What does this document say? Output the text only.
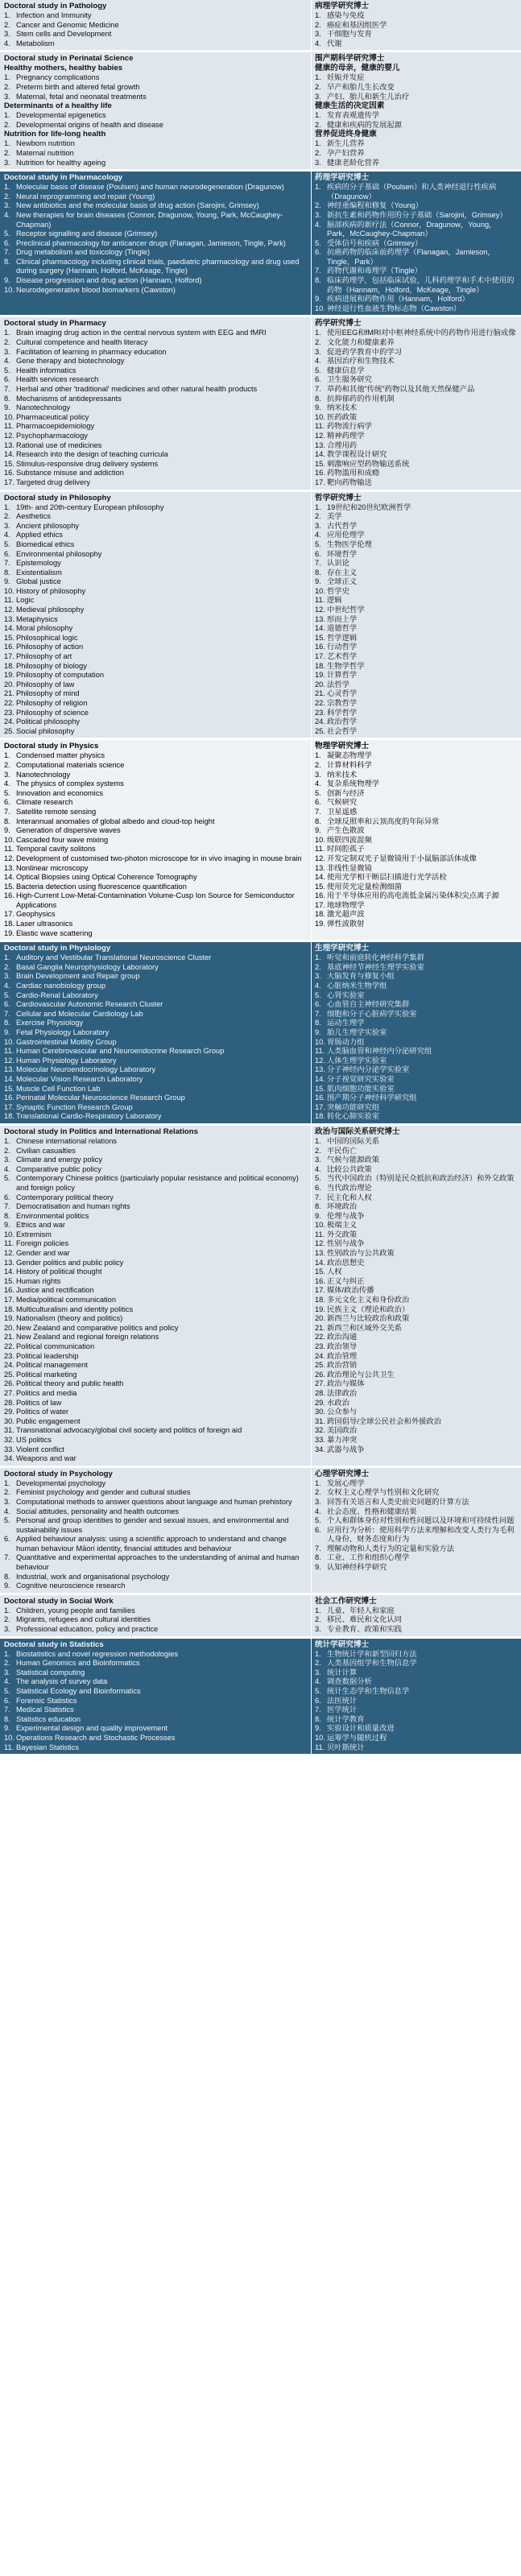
Doctoral study in Pathology
1. Infection and Immunity
2. Cancer and Genomic Medicine
3. Stem cells and Development
4. Metabolism
病理学研究博士
1. 感染与免疫
2. 癌症和基因组医学
3. 干细胞与发育
4. 代谢
Doctoral study in Perinatal Science
Healthy mothers, healthy babies
1. Pregnancy complications
2. Preterm birth and altered fetal growth
3. Maternal, fetal and neonatal treatments
Determinants of a healthy life
1. Developmental epigenetics
2. Developmental origins of health and disease
Nutrition for life-long health
1. Newborn nutrition
2. Maternal nutrition
3. Nutrition for healthy ageing
围产期科学研究博士
健康的母亲，健康的婴儿
1. 妊娠并发症
2. 早产和胎儿生长改变
3. 产妇、胎儿和新生儿治疗
健康生活的决定因素
1. 发育表观遗传学
2. 健康和疾病的发展起源
营养促进终身健康
1. 新生儿营养
2. 孕产妇营养
3. 健康老龄化营养
Doctoral study in Pharmacology
1. Molecular basis of disease (Poulsen) and human neurodegeneration (Dragunow)
2. Neural reprogramming and repair (Young)
3. New antibiotics and the molecular basis of drug action (Sarojini, Grimsey)
4. New therapies for brain diseases (Connor, Dragunow, Young, Park, McCaughey-Chapman)
5. Receptor signalling and disease (Grimsey)
6. Preclinical pharmacology for anticancer drugs (Flanagan, Jamieson, Tingle, Park)
7. Drug metabolism and toxicology (Tingle)
8. Clinical pharmacology including clinical trials, paediatric pharmacology and drug used during surgery (Hannam, Holford, McKeage, Tingle)
9. Disease progression and drug action (Hannam, Holford)
10. Neurodegenerative blood biomarkers (Cawston)
药理学研究博士
1. 疾病的分子基础（Poulsen）和人类神经退行性疾病（Dragunow）
2. 神经重编程和修复（Young）
3. 新抗生素和药物作用的分子基础（Sarojini，Grimsey）
4. 脑部疾病的新疗法（Connor，Dragunow，Young，Park，McCaughey-Chapman）
5. 受体信号和疾病（Grimsey）
6. 抗癌药物的临床前药理学（Flanagan，Jamieson，Tingle，Park）
7. 药物代谢和毒理学（Tingle）
8. 临床药理学，包括临床试验，儿科药理学和手术中使用的药物（Hannam，Holford，McKeage，Tingle）
9. 疾病进展和药物作用（Hannam，Holford）
10. 神经退行性血液生物标志物（Cawston）
Doctoral study in Pharmacy
1. Brain imaging drug action in the central nervous system with EEG and fMRI
2. Cultural competence and health literacy
3. Facilitation of learning in pharmacy education
4. Gene therapy and biotechnology
5. Health informatics
6. Health services research
7. Herbal and other 'traditional' medicines and other natural health products
8. Mechanisms of antidepressants
9. Nanotechnology
10. Pharmaceutical policy
11. Pharmacoepidemiology
12. Psychopharmacology
13. Rational use of medicines
14. Research into the design of teaching curricula
15. Stimulus-responsive drug delivery systems
16. Substance misuse and addiction
17. Targeted drug delivery
药学研究博士
1. 使用EEG和fMRI对中枢神经系统中的药物作用进行脑成像
2. 文化能力和健康素养
3. 促进药学教育中的学习
4. 基因治疗和生物技术
5. 健康信息学
6. 卫生服务研究
7. 草药和其他"传统"药物以及其他天然保健产品
8. 抗抑郁药的作用机制
9. 纳米技术
10. 医药政策
11. 药物流行病学
12. 精神药理学
13. 合理用药
14. 教学课程设计研究
15. 刺激响应型药物输送系统
16. 药物滥用和成瘾
17. 靶向药物输送
Doctoral study in Philosophy
1. 19th- and 20th-century European philosophy
2. Aesthetics
3. Ancient philosophy
4. Applied ethics
5. Biomedical ethics
6. Environmental philosophy
7. Epistemology
8. Existentialism
9. Global justice
10. History of philosophy
11. Logic
12. Medieval philosophy
13. Metaphysics
14. Moral philosophy
15. Philosophical logic
16. Philosophy of action
17. Philosophy of art
18. Philosophy of biology
19. Philosophy of computation
20. Philosophy of law
21. Philosophy of mind
22. Philosophy of religion
23. Philosophy of science
24. Political philosophy
25. Social philosophy
哲学研究博士
1. 19世纪和20世纪欧洲哲学
2. 美学
3. 古代哲学
4. 应用伦理学
5. 生物医学伦理
6. 环境哲学
7. 认识论
8. 存在主义
9. 全球正义
10. 哲学史
11. 逻辑
12. 中世纪哲学
13. 形而上学
14. 道德哲学
15. 哲学逻辑
16. 行动哲学
17. 艺术哲学
18. 生物学哲学
19. 计算哲学
20. 法哲学
21. 心灵哲学
22. 宗教哲学
23. 科学哲学
24. 政治哲学
25. 社会哲学
Doctoral study in Physics
1. Condensed matter physics
2. Computational materials science
3. Nanotechnology
4. The physics of complex systems
5. Innovation and economics
6. Climate research
7. Satellite remote sensing
8. Interannual anomalies of global albedo and cloud-top height
9. Generation of dispersive waves
10. Cascaded four wave mixing
11. Temporal cavity solitons
12. Development of customised two-photon microscope for in vivo imaging in mouse brain
13. Nonlinear microscopy
14. Optical Biopsies using Optical Coherence Tomography
15. Bacteria detection using fluorescence quantification
16. High-Current Low-Metal-Contamination Volume-Cusp Ion Source for Semiconductor Applications
17. Geophysics
18. Laser ultrasonics
19. Elastic wave scattering
物理学研究博士
1. 凝聚态物理学
2. 计算材料科学
3. 纳米技术
4. 复杂系统物理学
5. 创新与经济
6. 气候研究
7. 卫星遥感
8. 全球反照率和云顶高度的年际异常
9. 产生色散波
10. 级联四波混频
11. 时间腔孤子
12. 开发定制双光子显微镜用于小鼠脑部活体成像
13. 非线性显微镜
14. 使用光学相干断层扫描进行光学活检
15. 使用荧光定量检测细菌
16. 用于半导体应用的高电流低金属污染体积尖点离子源
17. 地球物理学
18. 激光超声波
19. 弹性波散射
Doctoral study in Physiology
1. Auditory and Vestibular Translational Neuroscience Cluster
2. Basal Ganglia Neurophysiology Laboratory
3. Brain Development and Repair group
4. Cardiac nanobiology group
5. Cardio-Renal Laboratory
6. Cardiovascular Autonomic Research Cluster
7. Cellular and Molecular Cardiology Lab
8. Exercise Physiology
9. Fetal Physiology Laboratory
10. Gastrointestinal Motility Group
11. Human Cerebrovascular and Neuroendocrine Research Group
12. Human Physiology Laboratory
13. Molecular Neuroendocrinology Laboratory
14. Molecular Vision Research Laboratory
15. Muscle Cell Function Lab
16. Perinatal Molecular Neuroscience Research Group
17. Synaptic Function Research Group
18. Translational Cardio-Respiratory Laboratory
生理学研究博士
1. 听觉和前庭转化神经科学集群
2. 基底神经节神经生理学实验室
3. 大脑发育与修复小组
4. 心脏纳米生物学组
5. 心肾实验室
6. 心血管自主神经研究集群
7. 细胞和分子心脏病学实验室
8. 运动生理学
9. 胎儿生理学实验室
10. 胃肠动力组
11. 人类脑血管和神经内分泌研究组
12. 人体生理学实验室
13. 分子神经内分泌学实验室
14. 分子视觉研究实验室
15. 肌肉细胞功能实验室
16. 围产期分子神经科学研究组
17. 突触功能研究组
18. 转化心肺实验室
Doctoral study in Politics and International Relations
1. Chinese international relations
2. Civilian casualties
3. Climate and energy policy
4. Comparative public policy
5. Contemporary Chinese politics (particularly popular resistance and political economy) and foreign policy
6. Contemporary political theory
7. Democratisation and human rights
8. Environmental politics
9. Ethics and war
10. Extremism
11. Foreign policies
12. Gender and war
13. Gender politics and public policy
14. History of political thought
15. Human rights
16. Justice and rectification
17. Media/political communication
18. Multiculturalism and identity politics
19. Nationalism (theory and politics)
20. New Zealand and comparative politics and policy
21. New Zealand and regional foreign relations
22. Political communication
23. Political leadership
24. Political management
25. Political marketing
26. Political theory and public health
27. Politics and media
28. Politics of law
29. Politics of water
30. Public engagement
31. Transnational advocacy/global civil society and politics of foreign aid
32. US politics
33. Violent conflict
34. Weapons and war
政治与国际关系研究博士
1. 中国的国际关系
2. 平民伤亡
3. 气候与能源政策
4. 比较公共政策
5. 当代中国政治（特别是民众抵抗和政治经济）和外交政策
6. 当代政治理论
7. 民主化和人权
8. 环境政治
9. 伦理与战争
10. 极端主义
11. 外交政策
12. 性别与战争
13. 性别政治与公共政策
14. 政治思想史
15. 人权
16. 正义与纠正
17. 媒体/政治传播
18. 多元文化主义和身份政治
19. 民族主义（理论和政治）
20. 新西兰与比较政治和政策
21. 新西兰和区域外交关系
22. 政治沟通
23. 政治领导
24. 政治管理
25. 政治营销
26. 政治理论与公共卫生
27. 政治与媒体
28. 法律政治
29. 水政治
30. 公众参与
31. 跨国倡导/全球公民社会和外援政治
32. 美国政治
33. 暴力冲突
34. 武器与战争
Doctoral study in Psychology
1. Developmental psychology
2. Feminist psychology and gender and cultural studies
3. Computational methods to answer questions about language and human prehistory
4. Social attitudes, personality and health outcomes
5. Personal and group identities to gender and sexual issues, and environmental and sustainability issues
6. Applied behaviour analysis: using a scientific approach to understand and change human behaviour Māori identity, financial attitudes and behaviour
7. Quantitative and experimental approaches to the understanding of animal and human behaviour
8. Industrial, work and organisational psychology
9. Cognitive neuroscience research
心理学研究博士
1. 发展心理学
2. 女权主义心理学与性别和文化研究
3. 回答有关语言和人类史前史问题的计算方法
4. 社会态度、性格和健康结果
5. 个人和群体身份对性别和性问题以及环境和可持续性问题
6. 应用行为分析：使用科学方法来理解和改变人类行为毛利人身份，财务态度和行为
7. 理解动物和人类行为的定量和实验方法
8. 工业、工作和组织心理学
9. 认知神经科学研究
Doctoral study in Social Work
1. Children, young people and families
2. Migrants, refugees and cultural identities
3. Professional education, policy and practice
社会工作研究博士
1. 儿童、年轻人和家庭
2. 移民、难民和文化认同
3. 专业教育、政策和实践
Doctoral study in Statistics
1. Biostatistics and novel regression methodologies
2. Human Genomics and Bioinformatics
3. Statistical computing
4. The analysis of survey data
5. Statistical Ecology and Bioinformatics
6. Forensic Statistics
7. Medical Statistics
8. Statistics education
9. Experimental design and quality improvement
10. Operations Research and Stochastic Processes
11. Bayesian Statistics
统计学研究博士
1. 生物统计学和新型回归方法
2. 人类基因组学和生物信息学
3. 统计计算
4. 调查数据分析
5. 统计生态学和生物信息学
6. 法医统计
7. 医学统计
8. 统计学教育
9. 实验设计和质量改进
10. 运筹学与随机过程
11. 贝叶斯统计
